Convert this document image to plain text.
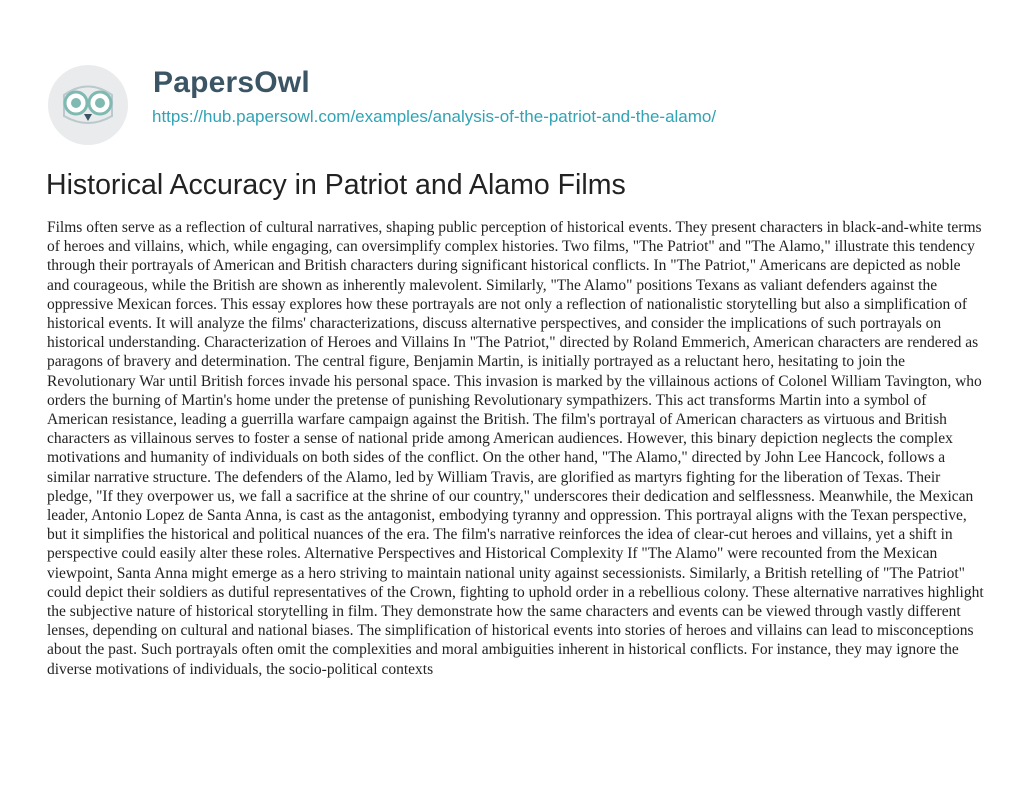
PapersOwl
https://hub.papersowl.com/examples/analysis-of-the-patriot-and-the-alamo/
Historical Accuracy in Patriot and Alamo Films

Films often serve as a reflection of cultural narratives, shaping public perception of historical events. They present characters in black-and-white terms of heroes and villains, which, while engaging, can oversimplify complex histories. Two films, "The Patriot" and "The Alamo," illustrate this tendency through their portrayals of American and British characters during significant historical conflicts. In "The Patriot," Americans are depicted as noble and courageous, while the British are shown as inherently malevolent. Similarly, "The Alamo" positions Texans as valiant defenders against the oppressive Mexican forces. This essay explores how these portrayals are not only a reflection of nationalistic storytelling but also a simplification of historical events. It will analyze the films' characterizations, discuss alternative perspectives, and consider the implications of such portrayals on historical understanding. Characterization of Heroes and Villains In "The Patriot," directed by Roland Emmerich, American characters are rendered as paragons of bravery and determination. The central figure, Benjamin Martin, is initially portrayed as a reluctant hero, hesitating to join the Revolutionary War until British forces invade his personal space. This invasion is marked by the villainous actions of Colonel William Tavington, who orders the burning of Martin's home under the pretense of punishing Revolutionary sympathizers. This act transforms Martin into a symbol of American resistance, leading a guerrilla warfare campaign against the British. The film's portrayal of American characters as virtuous and British characters as villainous serves to foster a sense of national pride among American audiences. However, this binary depiction neglects the complex motivations and humanity of individuals on both sides of the conflict. On the other hand, "The Alamo," directed by John Lee Hancock, follows a similar narrative structure. The defenders of the Alamo, led by William Travis, are glorified as martyrs fighting for the liberation of Texas. Their pledge, "If they overpower us, we fall a sacrifice at the shrine of our country," underscores their dedication and selflessness. Meanwhile, the Mexican leader, Antonio Lopez de Santa Anna, is cast as the antagonist, embodying tyranny and oppression. This portrayal aligns with the Texan perspective, but it simplifies the historical and political nuances of the era. The film's narrative reinforces the idea of clear-cut heroes and villains, yet a shift in perspective could easily alter these roles. Alternative Perspectives and Historical Complexity If "The Alamo" were recounted from the Mexican viewpoint, Santa Anna might emerge as a hero striving to maintain national unity against secessionists. Similarly, a British retelling of "The Patriot" could depict their soldiers as dutiful representatives of the Crown, fighting to uphold order in a rebellious colony. These alternative narratives highlight the subjective nature of historical storytelling in film. They demonstrate how the same characters and events can be viewed through vastly different lenses, depending on cultural and national biases. The simplification of historical events into stories of heroes and villains can lead to misconceptions about the past. Such portrayals often omit the complexities and moral ambiguities inherent in historical conflicts. For instance, they may ignore the diverse motivations of individuals, the socio-political contexts
